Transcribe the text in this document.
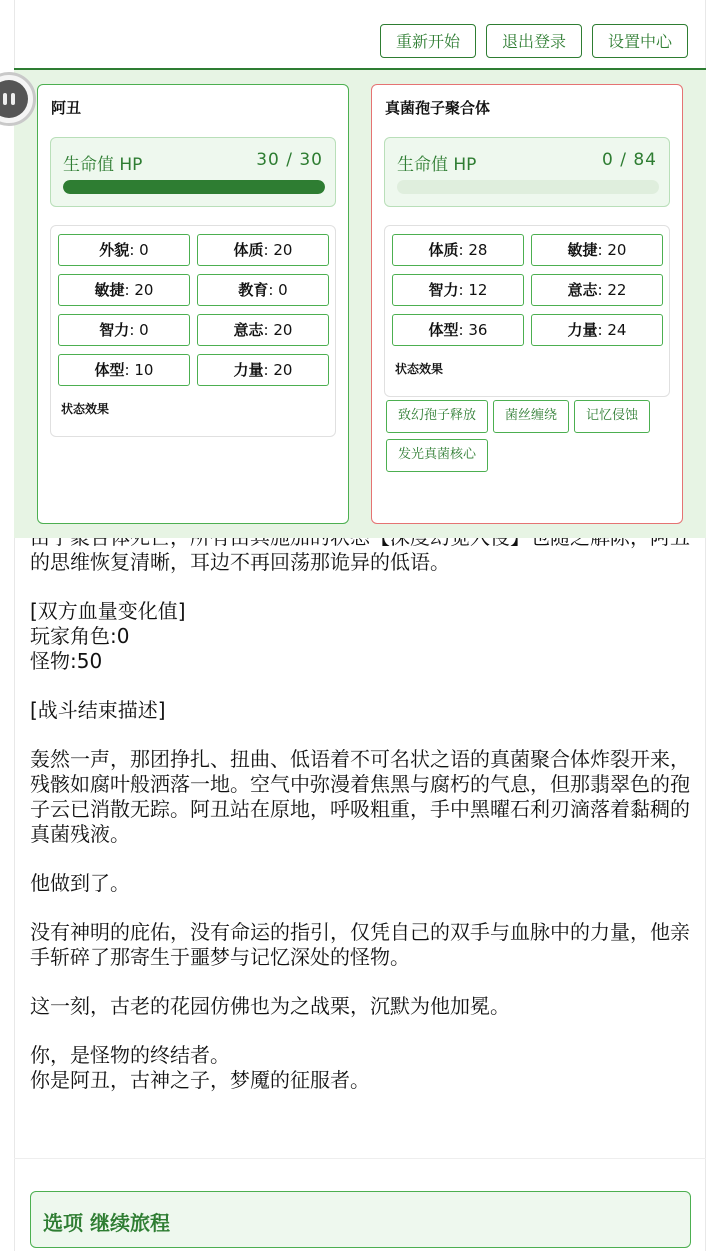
重新开始	退出登录	设置中心

的思维恢复清晰，耳边不再回荡那诡异的低语。

[双方血量变化值]
玩家角色:0
怪物:50

[战斗结束描述]

轰然一声，那团挣扎、扭曲、低语着不可名状之语的真菌聚合体炸裂开来，残骸如腐叶般洒落一地。空气中弥漫着焦黑与腐朽的气息，但那翡翠色的孢子云已消散无踪。阿丑站在原地，呼吸粗重，手中黑曜石利刃滴落着黏稠的真菌残液。

他做到了。

没有神明的庇佑，没有命运的指引，仅凭自己的双手与血脉中的力量，他亲手斩碎了那寄生于噩梦与记忆深处的怪物。

这一刻，古老的花园仿佛也为之战栗，沉默为他加冕。

你，是怪物的终结者。
你是阿丑，古神之子，梦魇的征服者。

阿丑
生命值 HP	30 / 30
外貌: 0	体质: 20
敏捷: 20	教育: 0
智力: 0	意志: 20
体型: 10	力量: 20
状态效果
真菌孢子聚合体
生命值 HP	0 / 84
体质: 28	敏捷: 20
智力: 12	意志: 22
体型: 36	力量: 24
状态效果
致幻孢子释放	菌丝缠绕	记忆侵蚀
发光真菌核心
选项 继续旅程
